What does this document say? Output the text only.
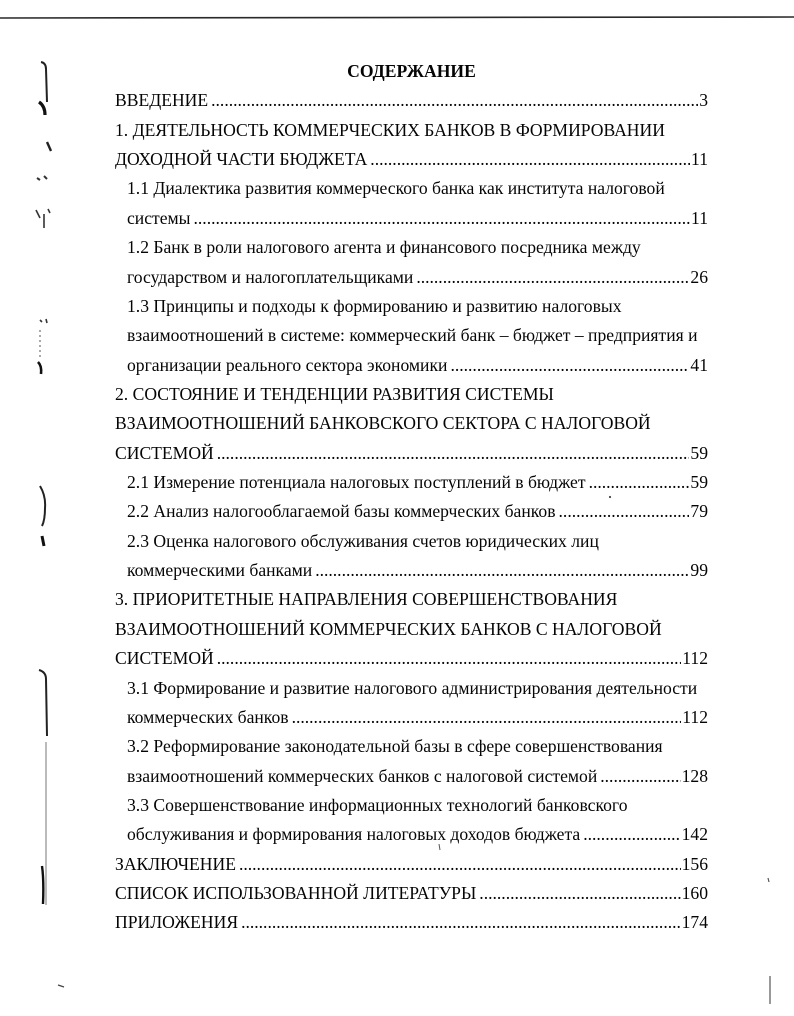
СОДЕРЖАНИЕ
ВВЕДЕНИЕ .....	3
1. ДЕЯТЕЛЬНОСТЬ КОММЕРЧЕСКИХ БАНКОВ В ФОРМИРОВАНИИ
ДОХОДНОЙ ЧАСТИ БЮДЖЕТА .....	11
1.1 Диалектика развития коммерческого банка как института налоговой
системы .....	11
1.2 Банк в роли налогового агента и финансового посредника между
государством и налогоплательщиками .....	26
1.3 Принципы и подходы к формированию и развитию налоговых
взаимоотношений в системе: коммерческий банк – бюджет – предприятия и
организации реального сектора экономики .....	41
2. СОСТОЯНИЕ И ТЕНДЕНЦИИ РАЗВИТИЯ СИСТЕМЫ
ВЗАИМООТНОШЕНИЙ БАНКОВСКОГО СЕКТОРА С НАЛОГОВОЙ
СИСТЕМОЙ .....	59
2.1 Измерение потенциала налоговых поступлений в бюджет .....	59
2.2 Анализ налогооблагаемой базы коммерческих банков .....	79
2.3 Оценка налогового обслуживания счетов юридических лиц
коммерческими банками .....	99
3. ПРИОРИТЕТНЫЕ НАПРАВЛЕНИЯ СОВЕРШЕНСТВОВАНИЯ
ВЗАИМООТНОШЕНИЙ КОММЕРЧЕСКИХ БАНКОВ С НАЛОГОВОЙ
СИСТЕМОЙ .....	112
3.1 Формирование и развитие налогового администрирования деятельности
коммерческих банков .....	112
3.2 Реформирование законодательной базы в сфере совершенствования
взаимоотношений коммерческих банков с налоговой системой .....	128
3.3 Совершенствование информационных технологий банковского
обслуживания и формирования налоговых доходов бюджета .....	142
ЗАКЛЮЧЕНИЕ .....	156
СПИСОК ИСПОЛЬЗОВАННОЙ ЛИТЕРАТУРЫ .....	160
ПРИЛОЖЕНИЯ .....	174
